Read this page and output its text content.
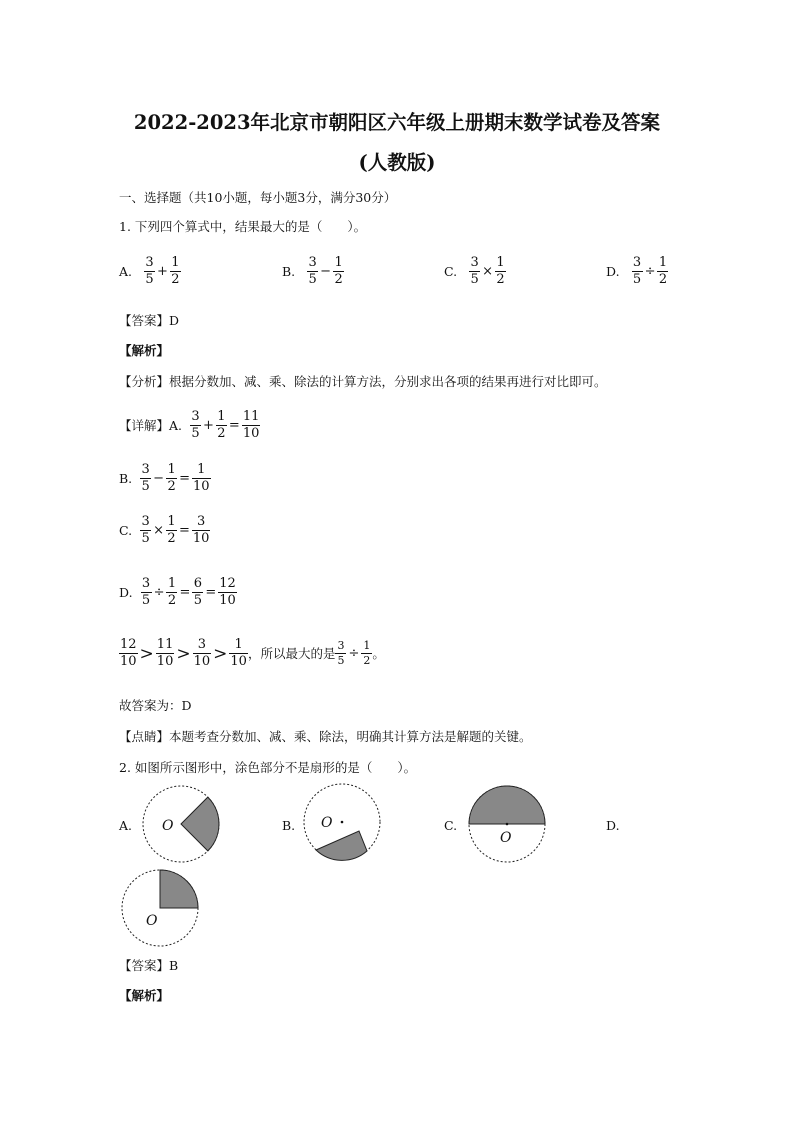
2022-2023年北京市朝阳区六年级上册期末数学试卷及答案
(人教版)
一、选择题（共10小题，每小题3分，满分30分）
1. 下列四个算式中，结果最大的是（　　）。
A. $\frac{3}{5} + \frac{1}{2}$	B. $\frac{3}{5} - \frac{1}{2}$	C. $\frac{3}{5} \times \frac{1}{2}$	D. $\frac{3}{5} \div \frac{1}{2}$
【答案】D
【解析】
【分析】根据分数加、减、乘、除法的计算方法，分别求出各项的结果再进行对比即可。
【详解】A. $\frac{3}{5} + \frac{1}{2} = \frac{11}{10}$
B. $\frac{3}{5} - \frac{1}{2} = \frac{1}{10}$
C. $\frac{3}{5} \times \frac{1}{2} = \frac{3}{10}$
D. $\frac{3}{5} \div \frac{1}{2} = \frac{6}{5} = \frac{12}{10}$
$\frac{12}{10} > \frac{11}{10} > \frac{3}{10} > \frac{1}{10}$ ，所以最大的是 $\frac{3}{5} \div \frac{1}{2}$ 。
故答案为：D
【点睛】本题考查分数加、减、乘、除法，明确其计算方法是解题的关键。
2. 如图所示图形中，涂色部分不是扇形的是（　　）。
A.	B.	C.	D.
O	O
O
O
【答案】B
【解析】
